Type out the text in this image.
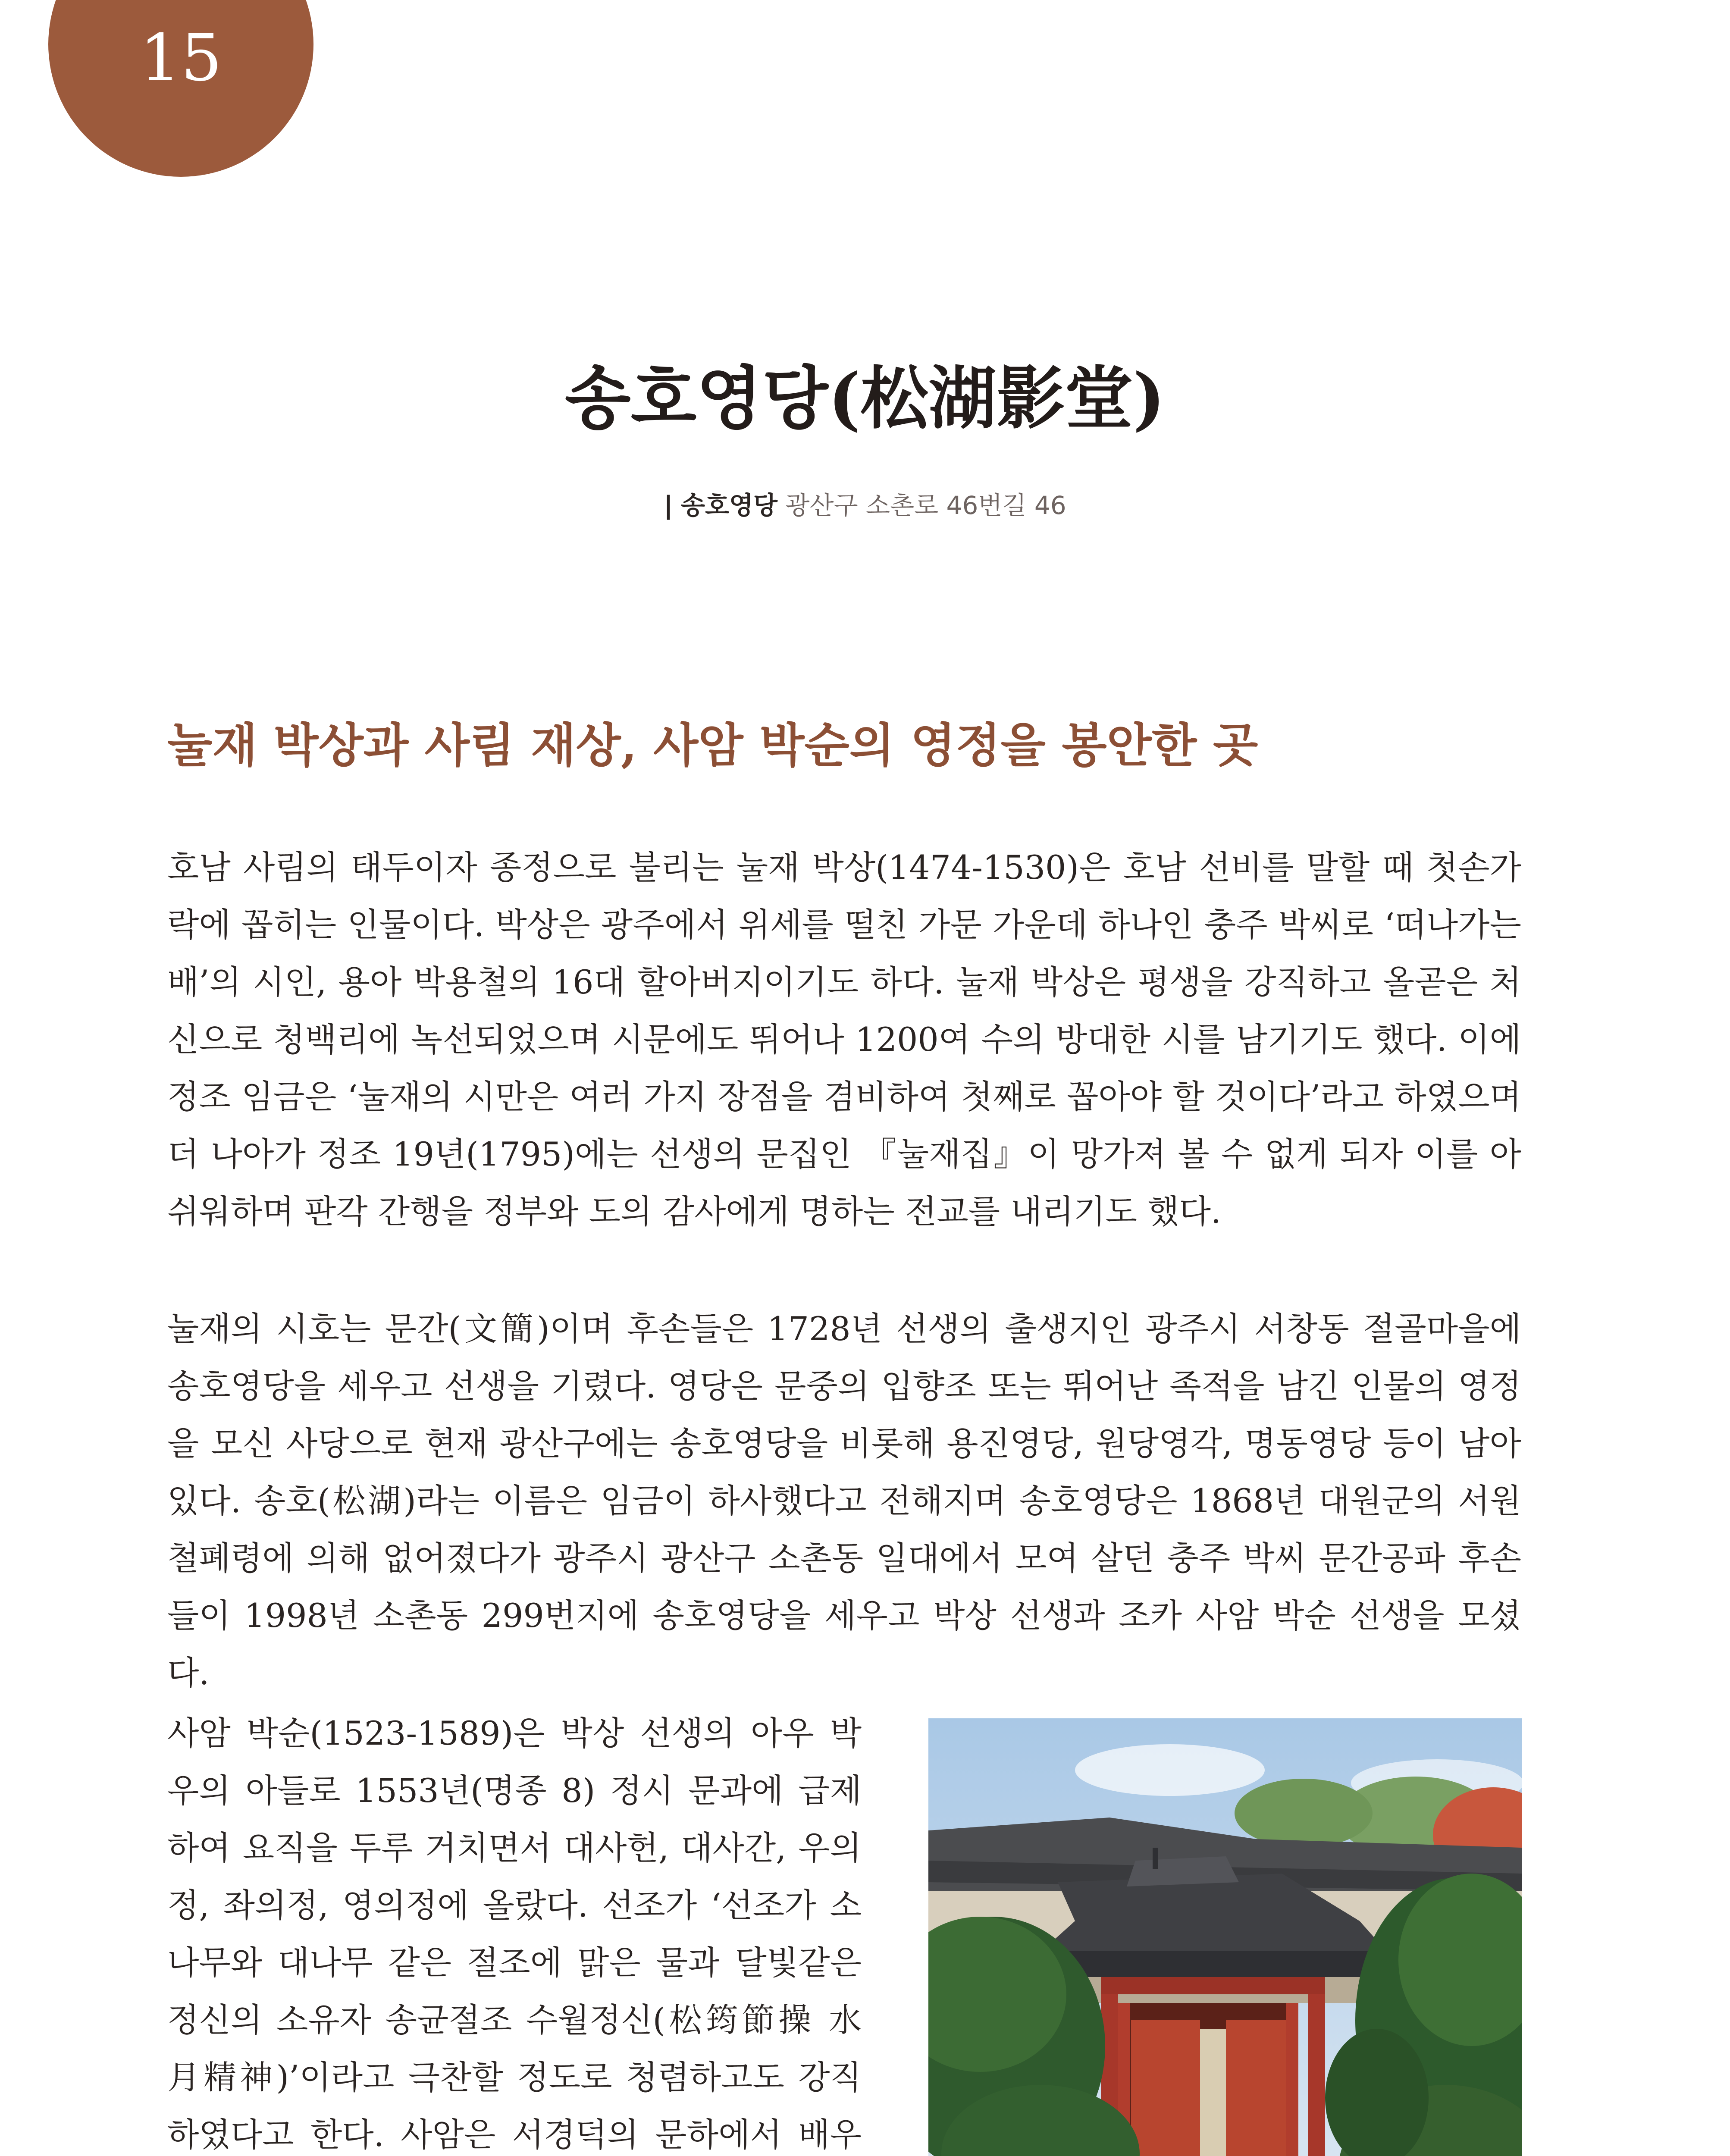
15
송호영당(松湖影堂)
| 송호영당 광산구 소촌로 46번길 46
눌재 박상과 사림 재상, 사암 박순의 영정을 봉안한 곳

호남 사림의 태두이자 종정으로 불리는 눌재 박상(1474-1530)은 호남 선비를 말할 때 첫손가락에 꼽히는 인물이다. 박상은 광주에서 위세를 떨친 가문 가운데 하나인 충주 박씨로 ‘떠나가는 배’의 시인, 용아 박용철의 16대 할아버지이기도 하다. 눌재 박상은 평생을 강직하고 올곧은 처신으로 청백리에 녹선되었으며 시문에도 뛰어나 1200여 수의 방대한 시를 남기기도 했다. 이에 정조 임금은 ‘눌재의 시만은 여러 가지 장점을 겸비하여 첫째로 꼽아야 할 것이다’라고 하였으며 더 나아가 정조 19년(1795)에는 선생의 문집인 『눌재집』이 망가져 볼 수 없게 되자 이를 아쉬워하며 판각 간행을 정부와 도의 감사에게 명하는 전교를 내리기도 했다.

눌재의 시호는 문간(文簡)이며 후손들은 1728년 선생의 출생지인 광주시 서창동 절골마을에 송호영당을 세우고 선생을 기렸다. 영당은 문중의 입향조 또는 뛰어난 족적을 남긴 인물의 영정을 모신 사당으로 현재 광산구에는 송호영당을 비롯해 용진영당, 원당영각, 명동영당 등이 남아 있다. 송호(松湖)라는 이름은 임금이 하사했다고 전해지며 송호영당은 1868년 대원군의 서원철폐령에 의해 없어졌다가 광주시 광산구 소촌동 일대에서 모여 살던 충주 박씨 문간공파 후손들이 1998년 소촌동 299번지에 송호영당을 세우고 박상 선생과 조카 사암 박순 선생을 모셨다.

사암 박순(1523-1589)은 박상 선생의 아우 박우의 아들로 1553년(명종 8) 정시 문과에 급제하여 요직을 두루 거치면서 대사헌, 대사간, 우의정, 좌의정, 영의정에 올랐다. 선조가 ‘선조가 소나무와 대나무 같은 절조에 맑은 물과 달빛같은 정신의 소유자 송균절조 수월정신(松筠節操 水月精神)’이라고 극찬할 정도로 청렴하고도 강직하였다고 한다. 사암은 서경덕의 문하에서 배우
